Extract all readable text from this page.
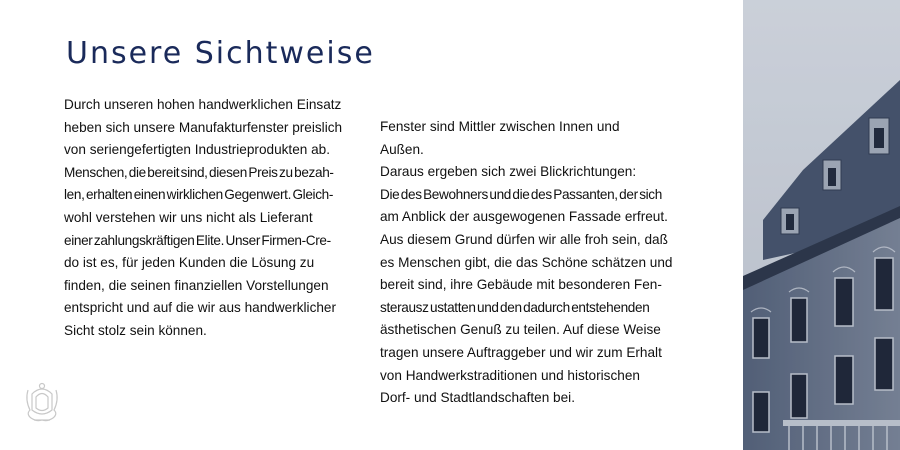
Unsere Sichtweise

Durch unseren hohen handwerklichen Einsatz
heben sich unsere Manufakturfenster preislich
von seriengefertigten Industrieprodukten ab.
Menschen, die bereit sind, diesen Preis zu bezah-
len, erhalten einen wirklichen Gegenwert. Gleich-
wohl verstehen wir uns nicht als Lieferant
einer zahlungskräftigen Elite. Unser Firmen-Cre-
do ist es, für jeden Kunden die Lösung zu
finden, die seinen finanziellen Vorstellungen
entspricht und auf die wir aus handwerklicher
Sicht stolz sein können.

Fenster sind Mittler zwischen Innen und
Außen.
Daraus ergeben sich zwei Blickrichtungen:
Die des Bewohners und die des Passanten, der sich
am Anblick der ausgewogenen Fassade erfreut.
Aus diesem Grund dürfen wir alle froh sein, daß
es Menschen gibt, die das Schöne schätzen und
bereit sind, ihre Gebäude mit besonderen Fen-
sterausz ustatten und den dadurch entstehenden
ästhetischen Genuß zu teilen. Auf diese Weise
tragen unsere Auftraggeber und wir zum Erhalt
von Handwerkstraditionen und historischen
Dorf- und Stadtlandschaften bei.
